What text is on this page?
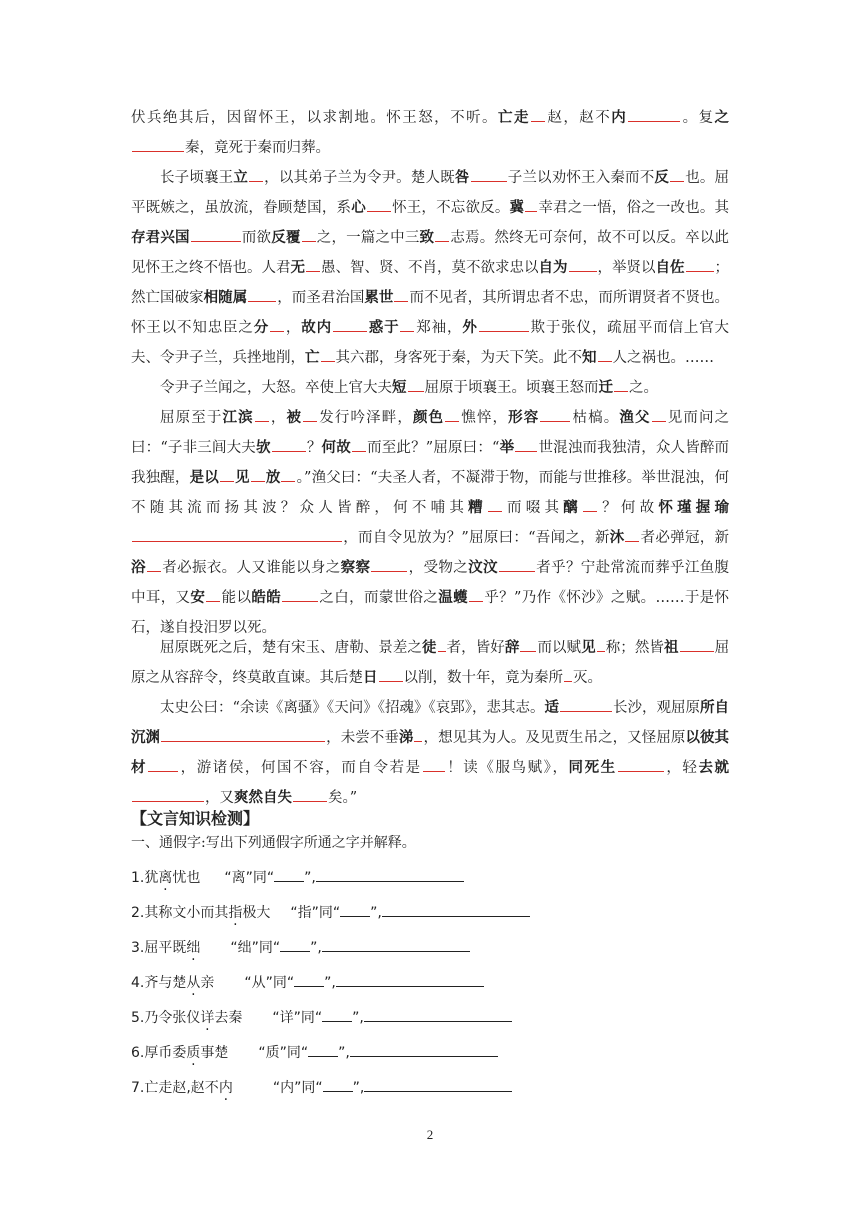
伏兵绝其后，因留怀王，以求割地。怀王怒，不听。亡走 赵，赵不内	。复之秦，竟死于秦而归葬。
长子顷襄王立 ，以其弟子兰为令尹。楚人既咎	子兰以劝怀王入秦而不反 也。屈平既嫉之，虽放流，眷顾楚国，系心 怀王，不忘欲反。冀 幸君之一悟，俗之一改也。其存君兴国	而欲反覆 之，一篇之中三致 志焉。然终无可奈何，故不可以反。卒以此见怀王之终不悟也。人君无 愚、智、贤、不肖，莫不欲求忠以自为 ，举贤以自佐 ；然亡国破家相随属 ，而圣君治国累世 而不见者，其所谓忠者不忠，而所谓贤者不贤也。怀王以不知忠臣之分 ，故内 惑于 郑袖，外	欺于张仪，疏屈平而信上官大夫、令尹子兰，兵挫地削，亡 其六郡，身客死于秦，为天下笑。此不知 人之祸也。……
令尹子兰闻之，大怒。卒使上官大夫短 屈原于顷襄王。顷襄王怒而迁 之。
屈原至于江滨 ，被 发行吟泽畔，颜色 憔悴，形容 枯槁。渔父 见而问之曰：“子非三闾大夫欤 ？何故 而至此？”屈原曰：“举 世混浊而我独清，众人皆醉而我独醒，是以 见 放 。”渔父曰：“夫圣人者，不凝滞于物，而能与世推移。举世混浊，何不随其流而扬其波？众人皆醉，何不哺其糟 而啜其醨 ？何故怀瑾握瑜，而自令见放为？”屈原曰：“吾闻之，新沐 者必弹冠，新浴 者必振衣。人又谁能以身之察察	，受物之汶汶	者乎？宁赴常流而葬乎江鱼腹中耳，又安 能以皓皓	之白，而蒙世俗之温蠖 乎？”乃作《怀沙》之赋。……于是怀石，遂自投汨罗以死。
屈原既死之后，楚有宋玉、唐勒、景差之徒 者，皆好辞 而以赋见 称；然皆祖 屈原之从容辞令，终莫敢直谏。其后楚日 以削，数十年，竟为秦所 灭。
太史公曰：“余读《离骚》《天问》《招魂》《哀郢》，悲其志。适	长沙，观屈原所自沉渊	，未尝不垂涕 ，想见其为人。及见贾生吊之，又怪屈原以彼其材 ，游诸侯，何国不容，而自令若是 ！读《服鸟赋》，同死生	，轻去就，又爽然自失 矣。”
【文言知识检测】
一、通假字:写出下列通假字所通之字并解释。
1.犹离忧也 “离”同“ ”,
2.其称文小而其指极大 “指”同“ ”,
3.屈平既绌 “绌”同“ ”,
4.齐与楚从亲 “从”同“ ”,
5.乃令张仪详去秦 “详”同“ ”,
6.厚币委质事楚 “质”同“ ”,
7.亡走赵,赵不内	“内”同“ ”,
2
